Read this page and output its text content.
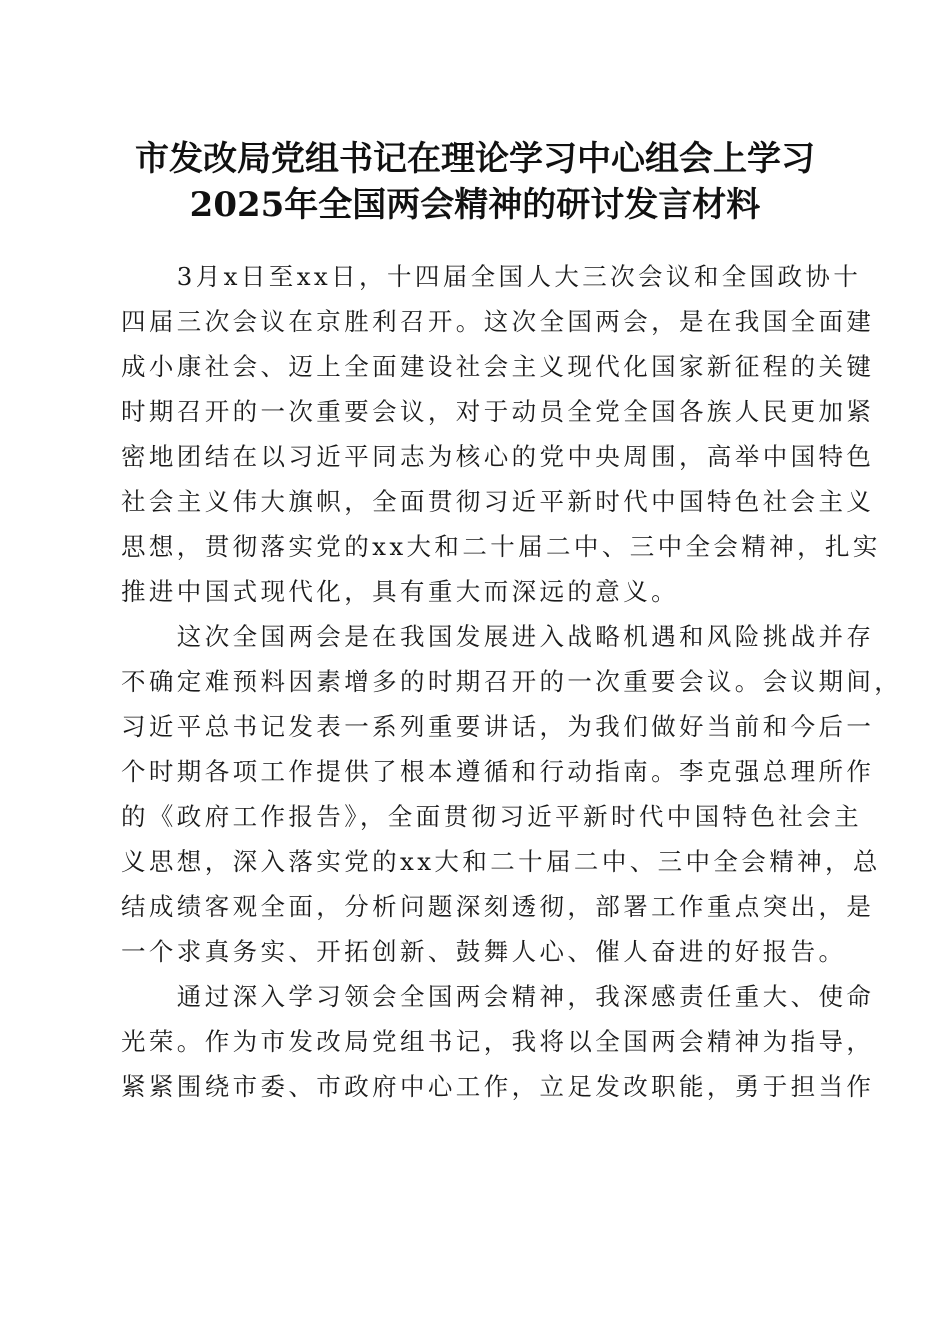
市发改局党组书记在理论学习中心组会上学习
2025年全国两会精神的研讨发言材料
　　3月x日至xx日，十四届全国人大三次会议和全国政协十
四届三次会议在京胜利召开。这次全国两会，是在我国全面建
成小康社会、迈上全面建设社会主义现代化国家新征程的关键
时期召开的一次重要会议，对于动员全党全国各族人民更加紧
密地团结在以习近平同志为核心的党中央周围，高举中国特色
社会主义伟大旗帜，全面贯彻习近平新时代中国特色社会主义
思想，贯彻落实党的xx大和二十届二中、三中全会精神，扎实
推进中国式现代化，具有重大而深远的意义。
　　这次全国两会是在我国发展进入战略机遇和风险挑战并存
不确定难预料因素增多的时期召开的一次重要会议。会议期间，
习近平总书记发表一系列重要讲话，为我们做好当前和今后一
个时期各项工作提供了根本遵循和行动指南。李克强总理所作
的《政府工作报告》，全面贯彻习近平新时代中国特色社会主
义思想，深入落实党的xx大和二十届二中、三中全会精神，总
结成绩客观全面，分析问题深刻透彻，部署工作重点突出，是
一个求真务实、开拓创新、鼓舞人心、催人奋进的好报告。
　　通过深入学习领会全国两会精神，我深感责任重大、使命
光荣。作为市发改局党组书记，我将以全国两会精神为指导，
紧紧围绕市委、市政府中心工作，立足发改职能，勇于担当作
